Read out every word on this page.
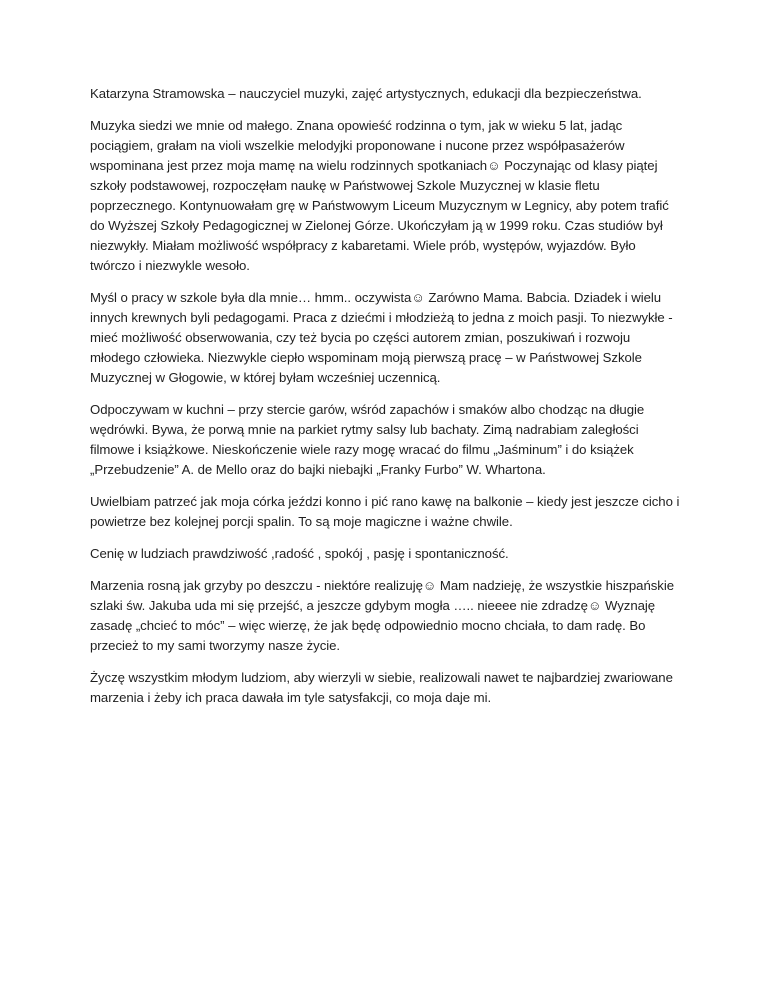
Katarzyna Stramowska – nauczyciel muzyki, zajęć artystycznych, edukacji dla bezpieczeństwa.

Muzyka siedzi we mnie od małego. Znana opowieść rodzinna o tym, jak w wieku 5 lat, jadąc
pociągiem, grałam na violi wszelkie melodyjki proponowane i nucone przez współpasażerów
wspominana jest przez moja mamę na wielu rodzinnych spotkaniach☺ Poczynając od klasy piątej
szkoły podstawowej, rozpoczęłam naukę w Państwowej Szkole Muzycznej w klasie fletu
poprzecznego. Kontynuowałam grę w Państwowym Liceum Muzycznym w Legnicy, aby potem trafić
do Wyższej Szkoły Pedagogicznej w Zielonej Górze. Ukończyłam ją w 1999 roku. Czas studiów był
niezwykły. Miałam możliwość współpracy z kabaretami. Wiele prób, występów, wyjazdów. Było
twórczo i niezwykle wesoło.

Myśl o pracy w szkole była dla mnie… hmm.. oczywista☺ Zarówno Mama. Babcia. Dziadek i wielu
innych krewnych byli pedagogami. Praca z dziećmi i młodzieżą to jedna z moich pasji. To niezwykłe -
mieć możliwość obserwowania, czy też bycia po części autorem zmian, poszukiwań i rozwoju
młodego człowieka. Niezwykle ciepło wspominam moją pierwszą pracę – w Państwowej Szkole
Muzycznej w Głogowie, w której byłam wcześniej uczennicą.

Odpoczywam w kuchni – przy stercie garów, wśród zapachów i smaków albo chodząc na długie
wędrówki. Bywa, że porwą mnie na parkiet rytmy salsy lub bachaty. Zimą nadrabiam zaległości
filmowe i książkowe. Nieskończenie wiele razy mogę wracać do filmu „Jaśminum” i do książek
„Przebudzenie” A. de Mello oraz do bajki niebajki „Franky Furbo” W. Whartona.

Uwielbiam patrzeć jak moja córka jeździ konno i pić rano kawę na balkonie – kiedy jest jeszcze cicho i
powietrze bez kolejnej porcji spalin. To są moje magiczne i ważne chwile.

Cenię w ludziach prawdziwość ,radość , spokój , pasję i spontaniczność.

Marzenia rosną jak grzyby po deszczu - niektóre realizuję☺ Mam nadzieję, że wszystkie hiszpańskie
szlaki św. Jakuba uda mi się przejść, a jeszcze gdybym mogła ….. nieeee nie zdradzę☺ Wyznaję
zasadę „chcieć to móc” – więc wierzę, że jak będę odpowiednio mocno chciała, to dam radę. Bo
przecież to my sami tworzymy nasze życie.

Życzę wszystkim młodym ludziom, aby wierzyli w siebie, realizowali nawet te najbardziej zwariowane
marzenia i żeby ich praca dawała im tyle satysfakcji, co moja daje mi.
